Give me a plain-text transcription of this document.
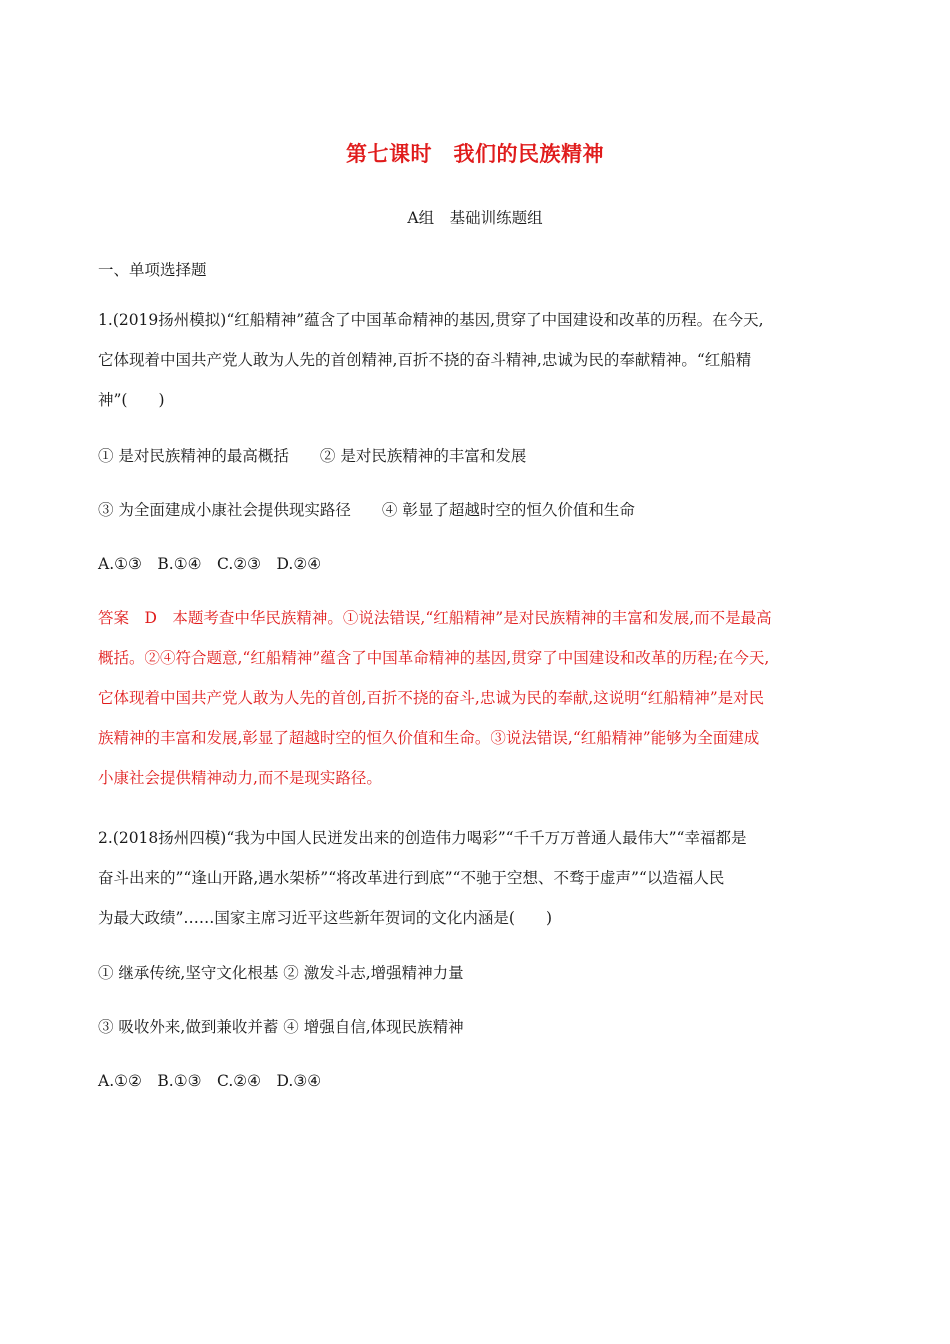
第七课时　我们的民族精神
A组　基础训练题组
一、单项选择题
1.(2019扬州模拟)“红船精神”蕴含了中国革命精神的基因,贯穿了中国建设和改革的历程。在今天,
它体现着中国共产党人敢为人先的首创精神,百折不挠的奋斗精神,忠诚为民的奉献精神。“红船精
神”(　　)
① 是对民族精神的最高概括　　② 是对民族精神的丰富和发展
③ 为全面建成小康社会提供现实路径　　④ 彰显了超越时空的恒久价值和生命
A.①③　B.①④　C.②③　D.②④
答案　D　本题考查中华民族精神。①说法错误,“红船精神”是对民族精神的丰富和发展,而不是最高
概括。②④符合题意,“红船精神”蕴含了中国革命精神的基因,贯穿了中国建设和改革的历程;在今天,
它体现着中国共产党人敢为人先的首创,百折不挠的奋斗,忠诚为民的奉献,这说明“红船精神”是对民
族精神的丰富和发展,彰显了超越时空的恒久价值和生命。③说法错误,“红船精神”能够为全面建成
小康社会提供精神动力,而不是现实路径。
2.(2018扬州四模)“我为中国人民迸发出来的创造伟力喝彩”“千千万万普通人最伟大”“幸福都是
奋斗出来的”“逢山开路,遇水架桥”“将改革进行到底”“不驰于空想、不骛于虚声”“以造福人民
为最大政绩”……国家主席习近平这些新年贺词的文化内涵是(　　)
① 继承传统,坚守文化根基 ② 激发斗志,增强精神力量
③ 吸收外来,做到兼收并蓄 ④ 增强自信,体现民族精神
A.①②　B.①③　C.②④　D.③④
